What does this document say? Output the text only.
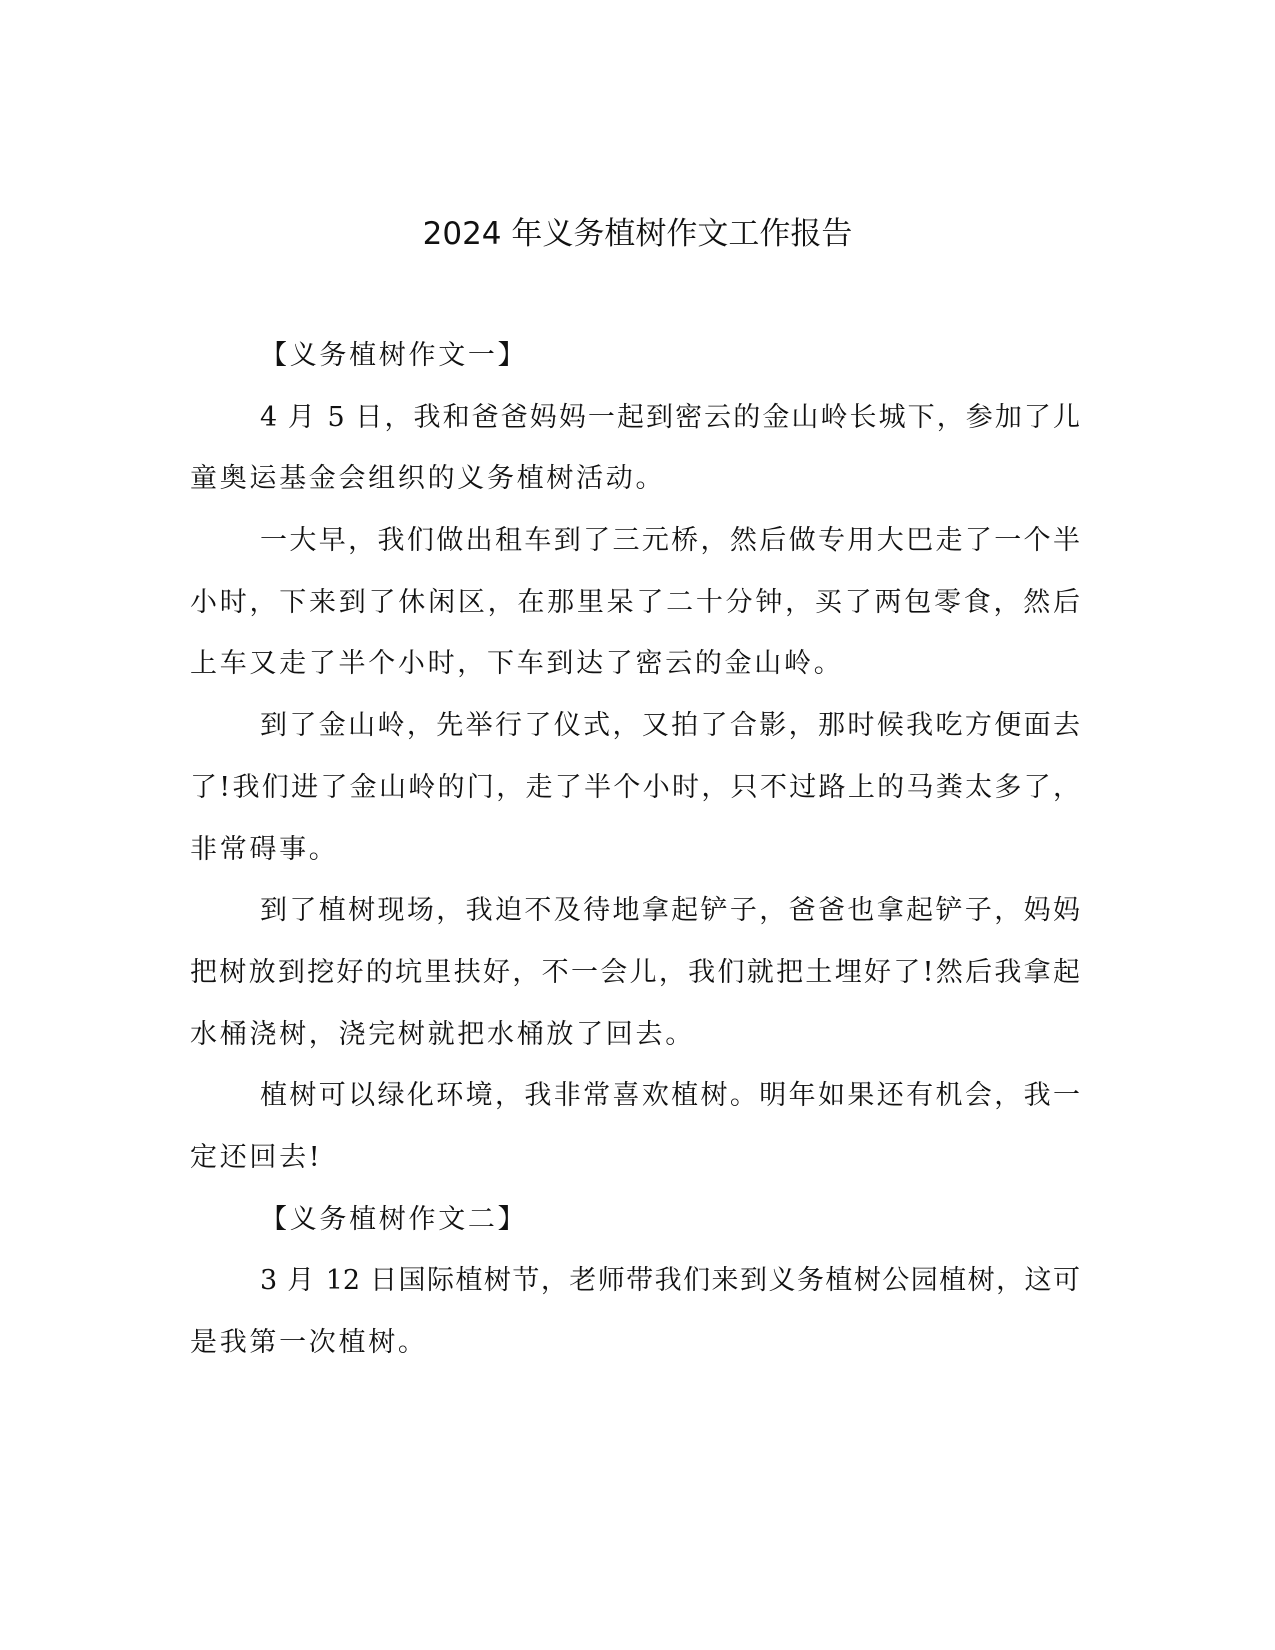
2024 年义务植树作文工作报告
【义务植树作文一】
4 月 5 日，我和爸爸妈妈一起到密云的金山岭长城下，参加了儿
童奥运基金会组织的义务植树活动。
一大早，我们做出租车到了三元桥，然后做专用大巴走了一个半
小时，下来到了休闲区，在那里呆了二十分钟，买了两包零食，然后
上车又走了半个小时，下车到达了密云的金山岭。
到了金山岭，先举行了仪式，又拍了合影，那时候我吃方便面去
了!我们进了金山岭的门，走了半个小时，只不过路上的马粪太多了，
非常碍事。
到了植树现场，我迫不及待地拿起铲子，爸爸也拿起铲子，妈妈
把树放到挖好的坑里扶好，不一会儿，我们就把土埋好了!然后我拿起
水桶浇树，浇完树就把水桶放了回去。
植树可以绿化环境，我非常喜欢植树。明年如果还有机会，我一
定还回去!
【义务植树作文二】
3 月 12 日国际植树节，老师带我们来到义务植树公园植树，这可
是我第一次植树。
